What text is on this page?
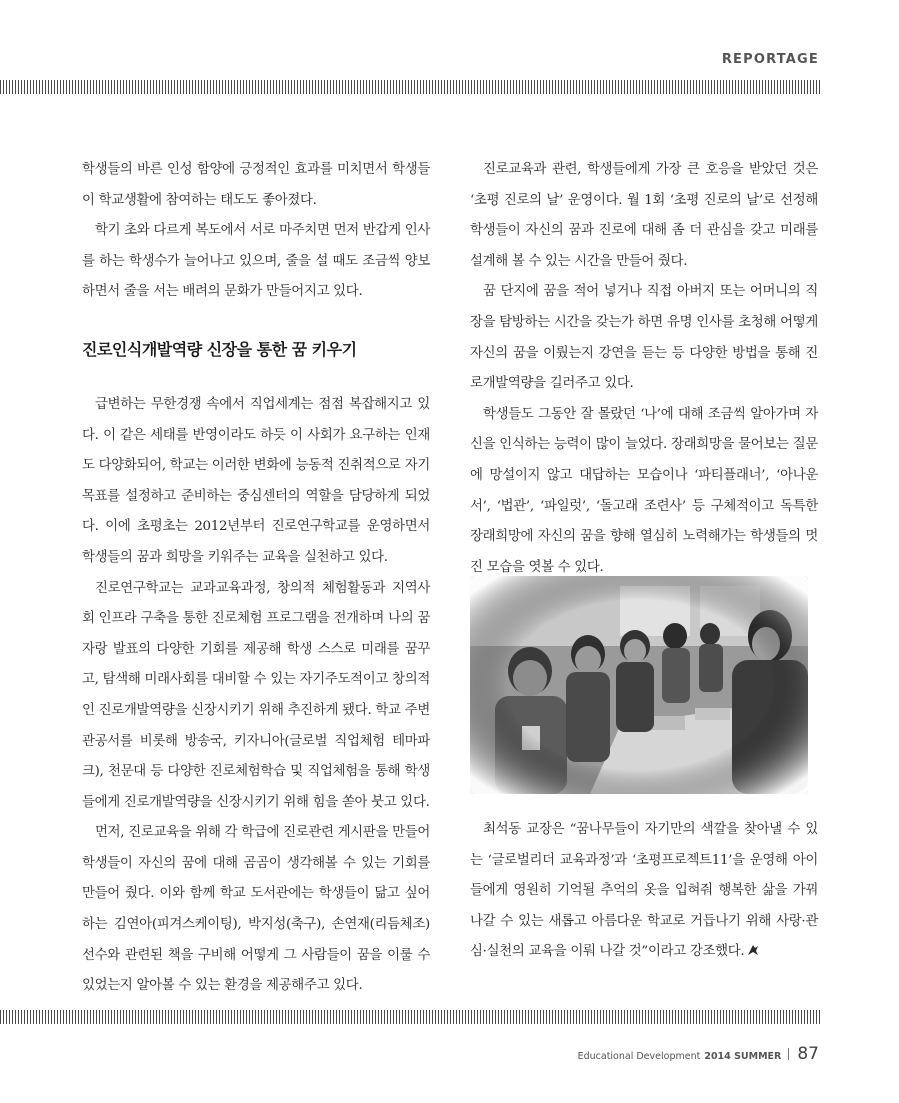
REPORTAGE

학생들의 바른 인성 함양에 긍정적인 효과를 미치면서 학생들이 학교생활에 참여하는 태도도 좋아졌다.

학기 초와 다르게 복도에서 서로 마주치면 먼저 반갑게 인사를 하는 학생수가 늘어나고 있으며, 줄을 설 때도 조금씩 양보하면서 줄을 서는 배려의 문화가 만들어지고 있다.

진로인식개발역량 신장을 통한 꿈 키우기

급변하는 무한경쟁 속에서 직업세계는 점점 복잡해지고 있다. 이 같은 세태를 반영이라도 하듯 이 사회가 요구하는 인재도 다양화되어, 학교는 이러한 변화에 능동적 진취적으로 자기 목표를 설정하고 준비하는 중심센터의 역할을 담당하게 되었다. 이에 초평초는 2012년부터 진로연구학교를 운영하면서 학생들의 꿈과 희망을 키워주는 교육을 실천하고 있다.

진로연구학교는 교과교육과정, 창의적 체험활동과 지역사회 인프라 구축을 통한 진로체험 프로그램을 전개하며 나의 꿈자랑 발표의 다양한 기회를 제공해 학생 스스로 미래를 꿈꾸고, 탐색해 미래사회를 대비할 수 있는 자기주도적이고 창의적인 진로개발역량을 신장시키기 위해 추진하게 됐다. 학교 주변 관공서를 비롯해 방송국, 키자니아(글로벌 직업체험 테마파크), 천문대 등 다양한 진로체험학습 및 직업체험을 통해 학생들에게 진로개발역량을 신장시키기 위해 힘을 쏟아 붓고 있다.

먼저, 진로교육을 위해 각 학급에 진로관련 게시판을 만들어 학생들이 자신의 꿈에 대해 곰곰이 생각해볼 수 있는 기회를 만들어 줬다. 이와 함께 학교 도서관에는 학생들이 닮고 싶어 하는 김연아(피겨스케이팅), 박지성(축구), 손연재(리듬체조) 선수와 관련된 책을 구비해 어떻게 그 사람들이 꿈을 이룰 수 있었는지 알아볼 수 있는 환경을 제공해주고 있다.

진로교육과 관련, 학생들에게 가장 큰 호응을 받았던 것은 ‘초평 진로의 날’ 운영이다. 월 1회 ‘초평 진로의 날’로 선정해 학생들이 자신의 꿈과 진로에 대해 좀 더 관심을 갖고 미래를 설계해 볼 수 있는 시간을 만들어 줬다.

꿈 단지에 꿈을 적어 넣거나 직접 아버지 또는 어머니의 직장을 탐방하는 시간을 갖는가 하면 유명 인사를 초청해 어떻게 자신의 꿈을 이뤘는지 강연을 듣는 등 다양한 방법을 통해 진로개발역량을 길러주고 있다.

학생들도 그동안 잘 몰랐던 ‘나’에 대해 조금씩 알아가며 자신을 인식하는 능력이 많이 늘었다. 장래희망을 물어보는 질문에 망설이지 않고 대답하는 모습이나 ‘파티플래너’, ‘아나운서’, ‘법관’, ‘파일럿’, ‘돌고래 조련사’ 등 구체적이고 독특한 장래희망에 자신의 꿈을 향해 열심히 노력해가는 학생들의 멋진 모습을 엿볼 수 있다.

최석동 교장은 “꿈나무들이 자기만의 색깔을 찾아낼 수 있는 ‘글로벌리더 교육과정’과 ‘초평프로젝트11’을 운영해 아이들에게 영원히 기억될 추억의 옷을 입혀줘 행복한 삶을 가꿔 나갈 수 있는 새롭고 아름다운 학교로 거듭나기 위해 사랑·관심·실천의 교육을 이뤄 나갈 것”이라고 강조했다.

Educational Development 2014 SUMMER 87
